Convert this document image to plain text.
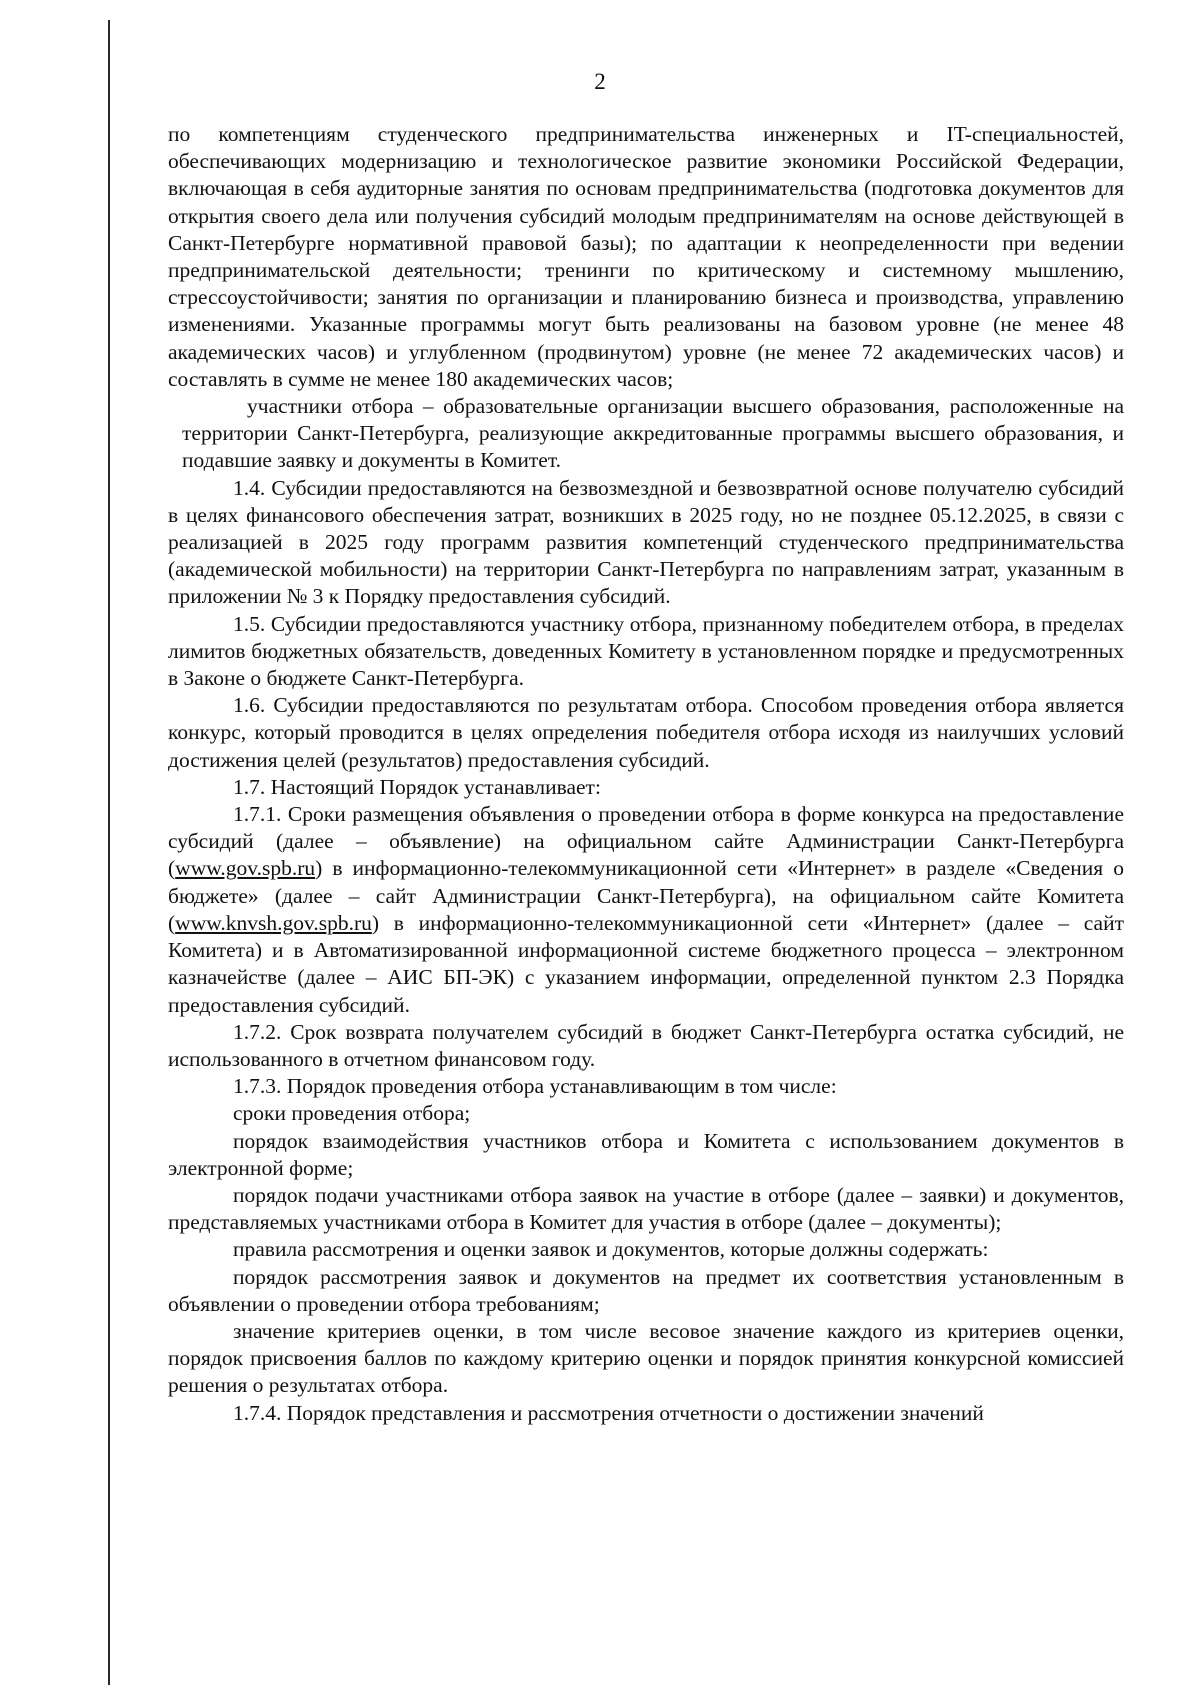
2

по компетенциям студенческого предпринимательства инженерных и IT-специальностей, обеспечивающих модернизацию и технологическое развитие экономики Российской Федерации, включающая в себя аудиторные занятия по основам предпринимательства (подготовка документов для открытия своего дела или получения субсидий молодым предпринимателям на основе действующей в Санкт-Петербурге нормативной правовой базы); по адаптации к неопределенности при ведении предпринимательской деятельности; тренинги по критическому и системному мышлению, стрессоустойчивости; занятия по организации и планированию бизнеса и производства, управлению изменениями. Указанные программы могут быть реализованы на базовом уровне (не менее 48 академических часов) и углубленном (продвинутом) уровне (не менее 72 академических часов) и составлять в сумме не менее 180 академических часов;

участники отбора – образовательные организации высшего образования, расположенные на территории Санкт-Петербурга, реализующие аккредитованные программы высшего образования, и подавшие заявку и документы в Комитет.

1.4. Субсидии предоставляются на безвозмездной и безвозвратной основе получателю субсидий в целях финансового обеспечения затрат, возникших в 2025 году, но не позднее 05.12.2025, в связи с реализацией в 2025 году программ развития компетенций студенческого предпринимательства (академической мобильности) на территории Санкт-Петербурга по направлениям затрат, указанным в приложении № 3 к Порядку предоставления субсидий.

1.5. Субсидии предоставляются участнику отбора, признанному победителем отбора, в пределах лимитов бюджетных обязательств, доведенных Комитету в установленном порядке и предусмотренных в Законе о бюджете Санкт-Петербурга.

1.6. Субсидии предоставляются по результатам отбора. Способом проведения отбора является конкурс, который проводится в целях определения победителя отбора исходя из наилучших условий достижения целей (результатов) предоставления субсидий.

1.7. Настоящий Порядок устанавливает:

1.7.1. Сроки размещения объявления о проведении отбора в форме конкурса на предоставление субсидий (далее – объявление) на официальном сайте Администрации Санкт-Петербурга (www.gov.spb.ru) в информационно-телекоммуникационной сети «Интернет» в разделе «Сведения о бюджете» (далее – сайт Администрации Санкт-Петербурга), на официальном сайте Комитета (www.knvsh.gov.spb.ru) в информационно-телекоммуникационной сети «Интернет» (далее – сайт Комитета) и в Автоматизированной информационной системе бюджетного процесса – электронном казначействе (далее – АИС БП-ЭК) с указанием информации, определенной пунктом 2.3 Порядка предоставления субсидий.

1.7.2. Срок возврата получателем субсидий в бюджет Санкт-Петербурга остатка субсидий, не использованного в отчетном финансовом году.

1.7.3. Порядок проведения отбора устанавливающим в том числе:

сроки проведения отбора;

порядок взаимодействия участников отбора и Комитета с использованием документов в электронной форме;

порядок подачи участниками отбора заявок на участие в отборе (далее – заявки) и документов, представляемых участниками отбора в Комитет для участия в отборе (далее – документы);

правила рассмотрения и оценки заявок и документов, которые должны содержать:

порядок рассмотрения заявок и документов на предмет их соответствия установленным в объявлении о проведении отбора требованиям;

значение критериев оценки, в том числе весовое значение каждого из критериев оценки, порядок присвоения баллов по каждому критерию оценки и порядок принятия конкурсной комиссией решения о результатах отбора.

1.7.4. Порядок представления и рассмотрения отчетности о достижении значений
